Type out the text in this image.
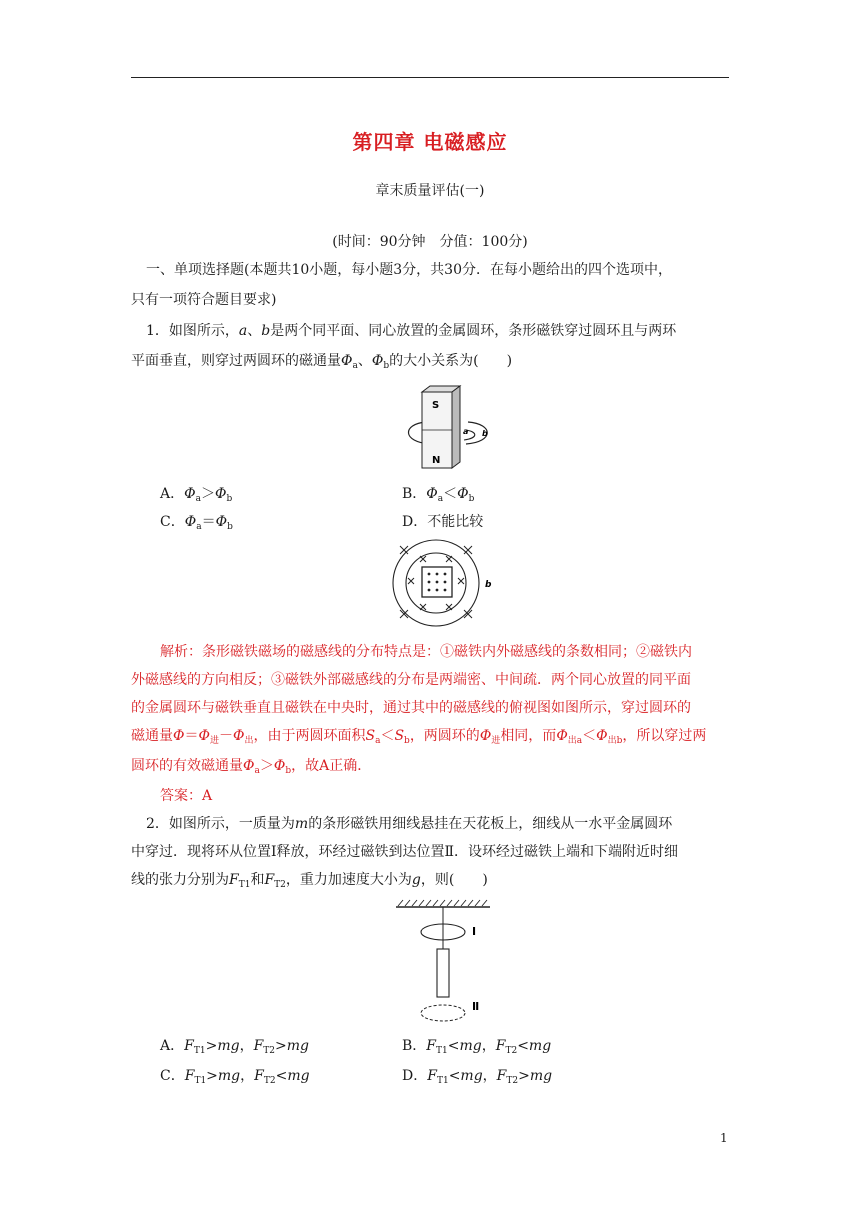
第四章 电磁感应
章末质量评估(一)
(时间：90分钟　分值：100分)
一、单项选择题(本题共10小题，每小题3分，共30分．在每小题给出的四个选项中，
只有一项符合题目要求)
1．如图所示，a、b是两个同平面、同心放置的金属圆环，条形磁铁穿过圆环且与两环
平面垂直，则穿过两圆环的磁通量$\Phi_a$、$\Phi_b$的大小关系为(　　)
S
N
a b
A．$\Phi_a>\Phi_b$	B．$\Phi_a<\Phi_b$
C．$\Phi_a=\Phi_b$	D．不能比较
b
解析：条形磁铁磁场的磁感线的分布特点是：①磁铁内外磁感线的条数相同；②磁铁内
外磁感线的方向相反；③磁铁外部磁感线的分布是两端密、中间疏．两个同心放置的同平面
的金属圆环与磁铁垂直且磁铁在中央时，通过其中的磁感线的俯视图如图所示，穿过圆环的
磁通量$\Phi=\Phi_进-\Phi_出$，由于两圆环面积$S_a<S_b$，两圆环的$\Phi_进$相同，而$\Phi_{出a}<\Phi_{出b}$，所以穿过两
圆环的有效磁通量$\Phi_a>\Phi_b$，故A正确．
答案：A
2．如图所示，一质量为m的条形磁铁用细线悬挂在天花板上，细线从一水平金属圆环
中穿过．现将环从位置Ⅰ释放，环经过磁铁到达位置Ⅱ．设环经过磁铁上端和下端附近时细
线的张力分别为$F_{T1}$和$F_{T2}$，重力加速度大小为g，则(　　)
Ⅰ
Ⅱ
A．$F_{T1}>mg$，$F_{T2}>mg$	B．$F_{T1}<mg$，$F_{T2}<mg$
C．$F_{T1}>mg$，$F_{T2}<mg$	D．$F_{T1}<mg$，$F_{T2}>mg$
1
